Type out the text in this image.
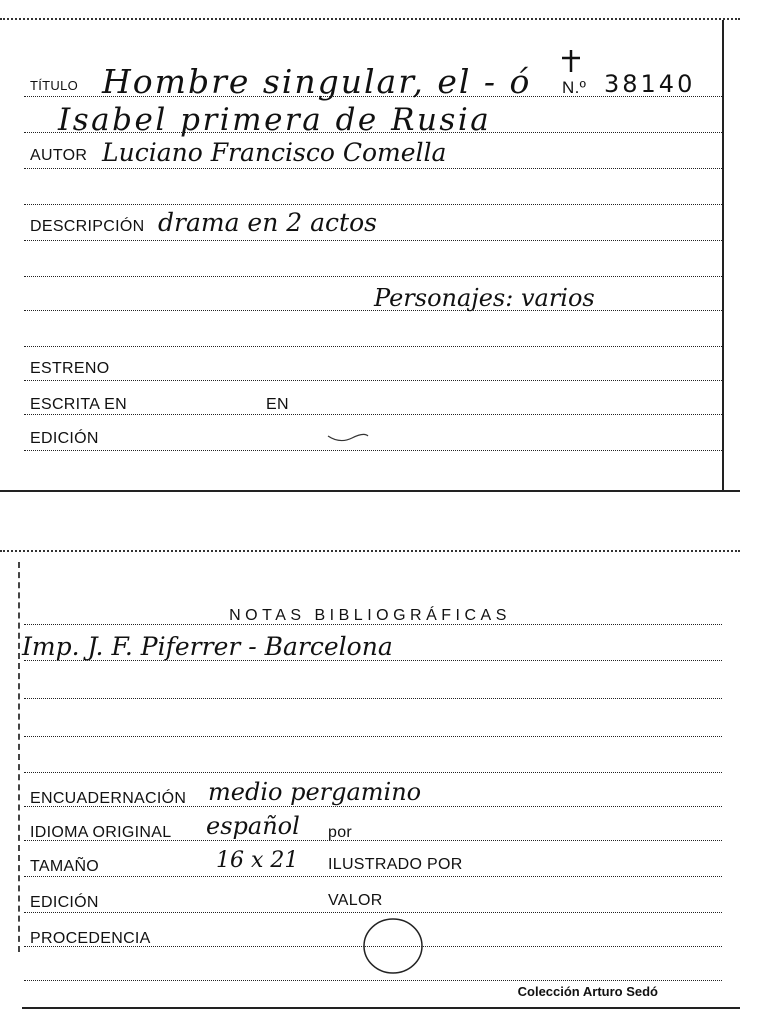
TÍTULO Hombre singular, el - ó N.º 38140
Isabel primera de Rusia
AUTOR Luciano Francisco Comella
DESCRIPCIÓN drama en 2 actos
Personajes: varios
ESTRENO
ESCRITA EN	EN
EDICIÓN
NOTAS BIBLIOGRÁFICAS
Imp. J. F. Piferrer - Barcelona
ENCUADERNACIÓN medio pergamino
IDIOMA ORIGINAL español por
TAMAÑO	16 x 21 ILUSTRADO POR
EDICIÓN	VALOR
PROCEDENCIA
Colección Arturo Sedó
